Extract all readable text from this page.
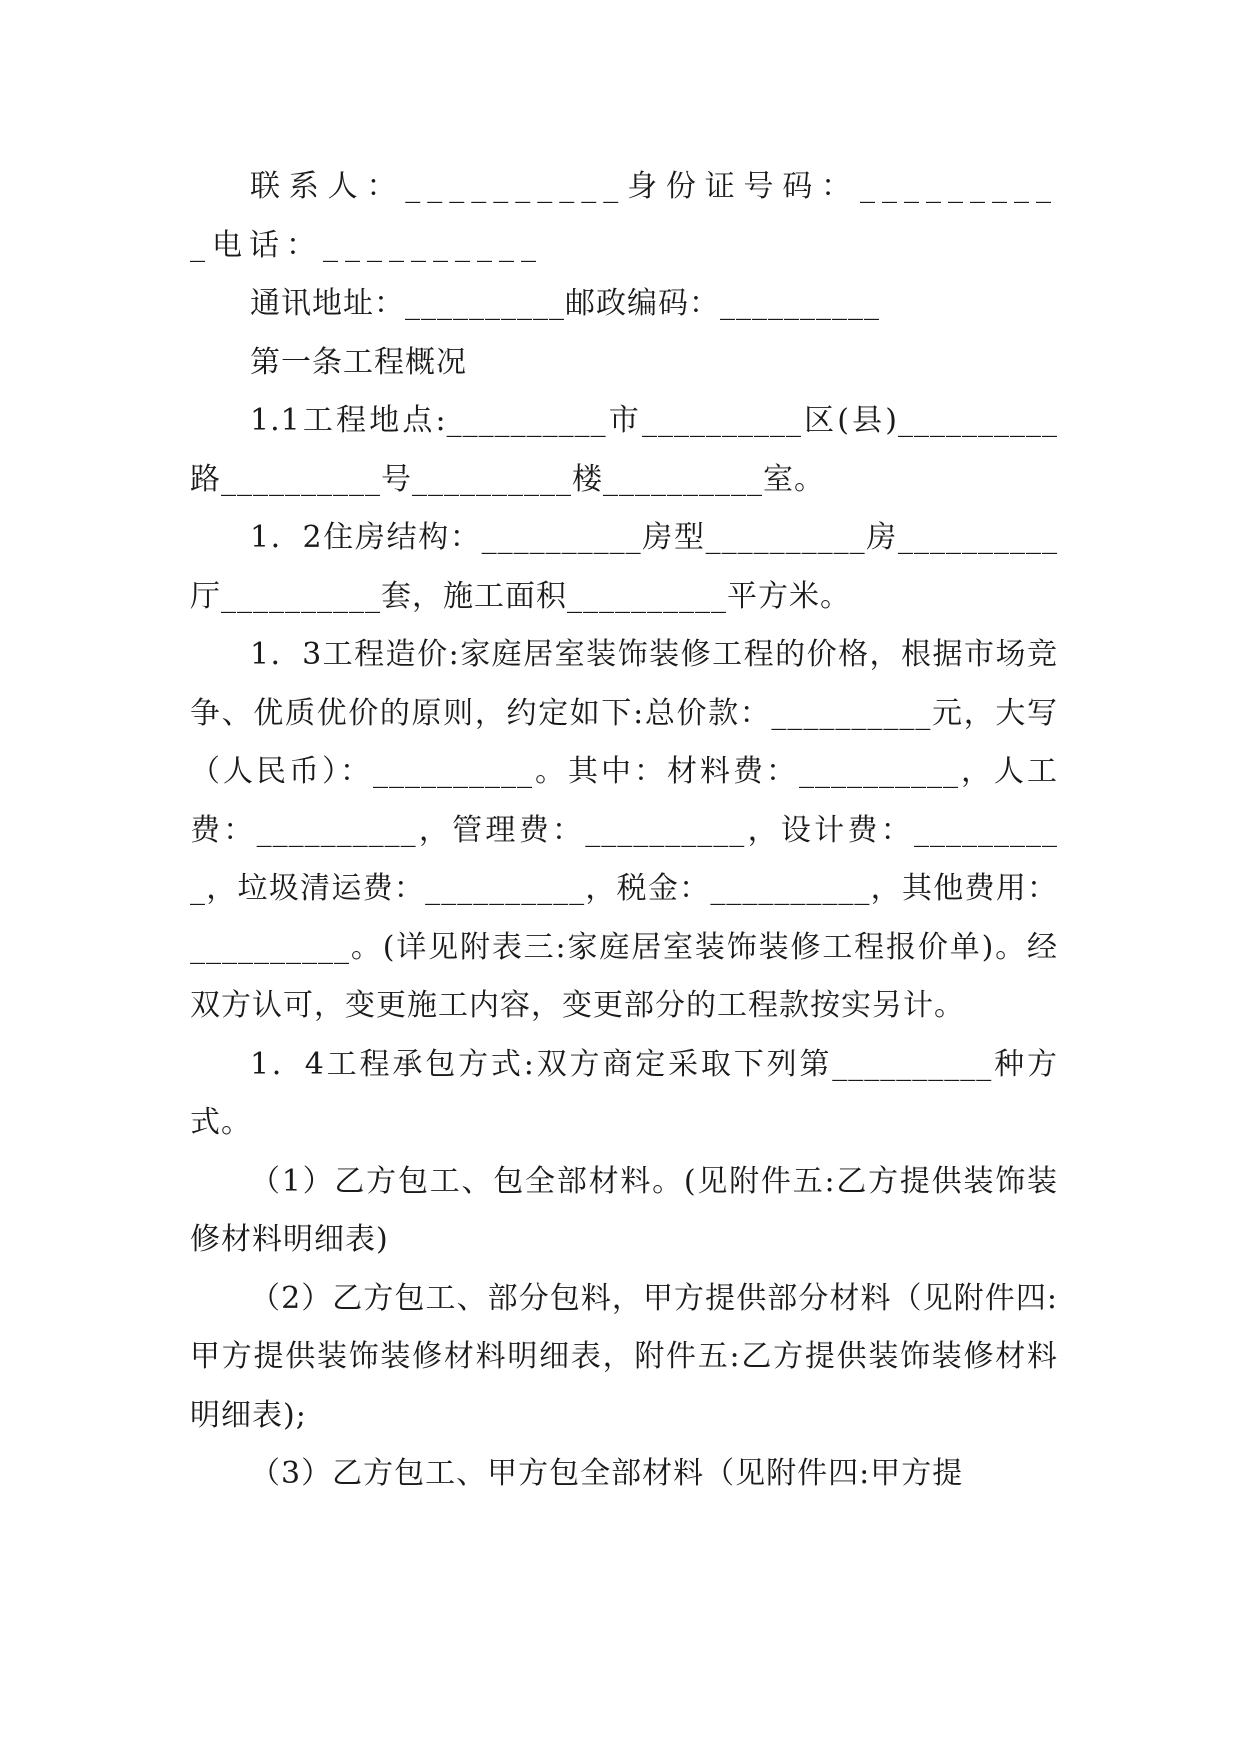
联系人：__________身份证号码：__________电话：__________

通讯地址：__________邮政编码：__________

第一条工程概况

1.1工程地点:__________市__________区(县)__________路__________号__________楼__________室。

1．2住房结构：__________房型__________房__________厅__________套，施工面积__________平方米。

1．3工程造价:家庭居室装饰装修工程的价格，根据市场竞争、优质优价的原则，约定如下:总价款：__________元，大写（人民币）：__________。其中：材料费：__________，人工费：__________，管理费：__________，设计费：__________，垃圾清运费：__________，税金：__________，其他费用：__________。(详见附表三:家庭居室装饰装修工程报价单)。经双方认可，变更施工内容，变更部分的工程款按实另计。

1．4工程承包方式:双方商定采取下列第__________种方式。

（1）乙方包工、包全部材料。(见附件五:乙方提供装饰装修材料明细表)

（2）乙方包工、部分包料，甲方提供部分材料（见附件四:甲方提供装饰装修材料明细表，附件五:乙方提供装饰装修材料明细表);

（3）乙方包工、甲方包全部材料（见附件四:甲方提
